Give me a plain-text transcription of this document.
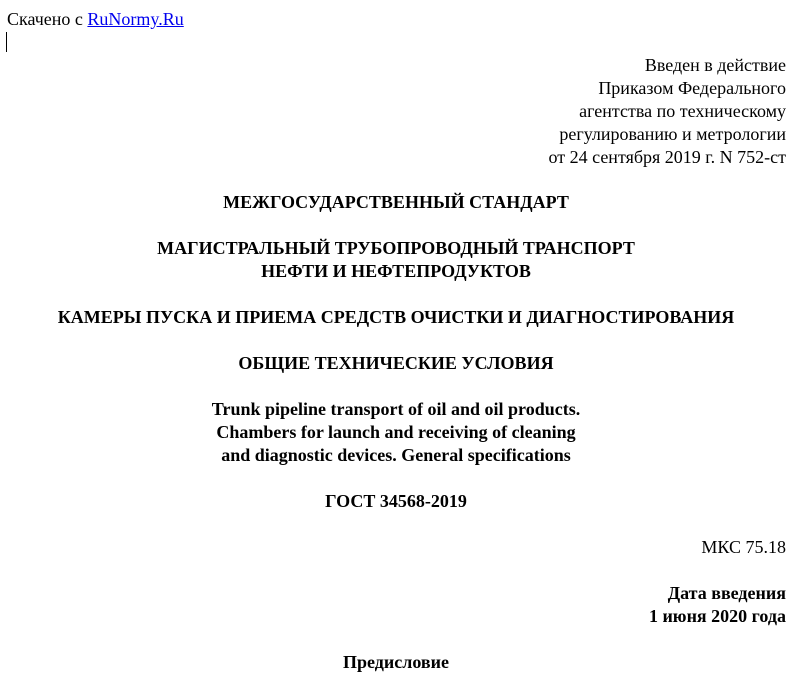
Скачено с RuNormy.Ru
Введен в действие
Приказом Федерального
агентства по техническому
регулированию и метрологии
от 24 сентября 2019 г. N 752-ст
МЕЖГОСУДАРСТВЕННЫЙ СТАНДАРТ
МАГИСТРАЛЬНЫЙ ТРУБОПРОВОДНЫЙ ТРАНСПОРТ
НЕФТИ И НЕФТЕПРОДУКТОВ
КАМЕРЫ ПУСКА И ПРИЕМА СРЕДСТВ ОЧИСТКИ И ДИАГНОСТИРОВАНИЯ
ОБЩИЕ ТЕХНИЧЕСКИЕ УСЛОВИЯ
Trunk pipeline transport of oil and oil products.
Chambers for launch and receiving of cleaning
and diagnostic devices. General specifications
ГОСТ 34568-2019
МКС 75.18
Дата введения
1 июня 2020 года
Предисловие
